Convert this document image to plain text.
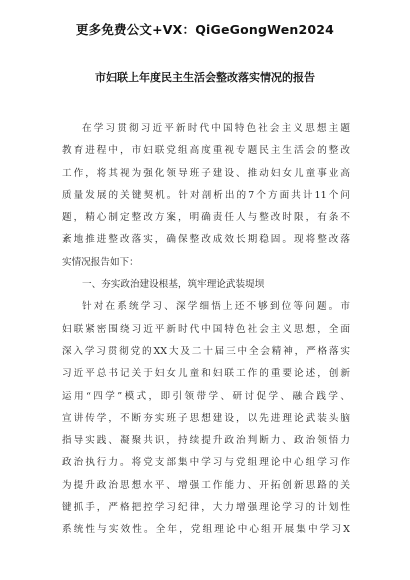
更多免费公文+VX：QiGeGongWen2024
市妇联上年度民主生活会整改落实情况的报告
在学习贯彻习近平新时代中国特色社会主义思想主题
教育进程中，市妇联党组高度重视专题民主生活会的整改
工作，将其视为强化领导班子建设、推动妇女儿童事业高
质量发展的关键契机。针对剖析出的7个方面共计11个问
题，精心制定整改方案，明确责任人与整改时限，有条不
紊地推进整改落实，确保整改成效长期稳固。现将整改落
实情况报告如下：
一、夯实政治建设根基，筑牢理论武装堤坝
针对在系统学习、深学细悟上还不够到位等问题。市
妇联紧密围绕习近平新时代中国特色社会主义思想，全面
深入学习贯彻党的XX大及二十届三中全会精神，严格落实
习近平总书记关于妇女儿童和妇联工作的重要论述，创新
运用“四学”模式，即引领带学、研讨促学、融合践学、
宣讲传学，不断夯实班子思想建设，以先进理论武装头脑
指导实践、凝聚共识，持续提升政治判断力、政治领悟力
政治执行力。将党支部集中学习与党组理论中心组学习作
为提升政治思想水平、增强工作能力、开拓创新思路的关
键抓手，严格把控学习纪律，大力增强理论学习的计划性
系统性与实效性。全年，党组理论中心组开展集中学习X
